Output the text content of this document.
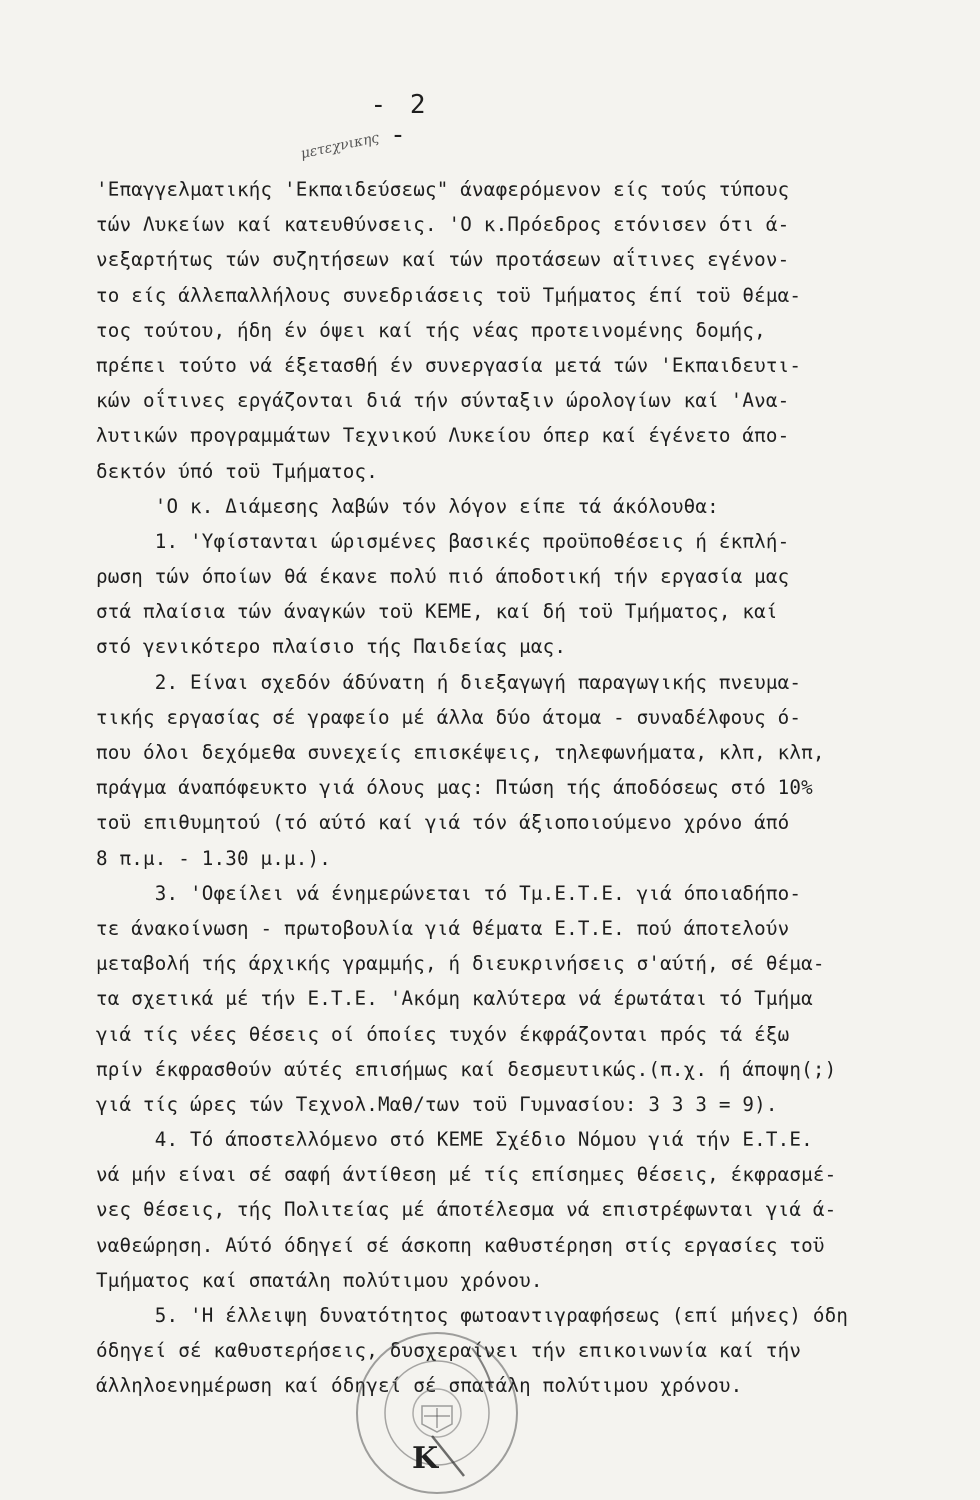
- 2 -
μετεχνικης
'Επαγγελματικής 'Εκπαιδεύσεως" άναφερόμενον είς τούς τύπους
τών Λυκείων καί κατευθύνσεις. 'Ο κ.Πρόεδρος ετόνισεν ότι ά-
νεξαρτήτως τών συζητήσεων καί τών προτάσεων αΐτινες εγένον-
το είς άλλεπαλλήλους συνεδριάσεις τοϋ Τμήματος έπί τοϋ θέμα-
τος τούτου, ήδη έν όψει καί τής νέας προτεινομένης δομής,
πρέπει τούτο νά έξετασθή έν συνεργασία μετά τών 'Εκπαιδευτι-
κών οΐτινες εργάζονται διά τήν σύνταξιν ώρολογίων καί 'Ανα-
λυτικών προγραμμάτων Τεχνικού Λυκείου όπερ καί έγένετο άπο-
δεκτόν ύπό τοϋ Τμήματος.
'Ο κ. Διάμεσης λαβών τόν λόγον είπε τά άκόλουθα:
1. 'Υφίστανται ώρισμένες βασικές προϋποθέσεις ή έκπλή-
ρωση τών όποίων θά έκανε πολύ πιό άποδοτική τήν εργασία μας
στά πλαίσια τών άναγκών τοϋ ΚΕΜΕ, καί δή τοϋ Τμήματος, καί
στό γενικότερο πλαίσιο τής Παιδείας μας.
2. Είναι σχεδόν άδύνατη ή διεξαγωγή παραγωγικής πνευμα-
τικής εργασίας σέ γραφείο μέ άλλα δύο άτομα - συναδέλφους ό-
που όλοι δεχόμεθα συνεχείς επισκέψεις, τηλεφωνήματα, κλπ, κλπ,
πράγμα άναπόφευκτο γιά όλους μας: Πτώση τής άποδόσεως στό 10%
τοϋ επιθυμητού (τό αύτό καί γιά τόν άξιοποιούμενο χρόνο άπό
8 π.μ. - 1.30 μ.μ.).
3. 'Οφείλει νά ένημερώνεται τό Τμ.Ε.Τ.Ε. γιά όποιαδήπο-
τε άνακοίνωση - πρωτοβουλία γιά θέματα Ε.Τ.Ε. πού άποτελούν
μεταβολή τής άρχικής γραμμής, ή διευκρινήσεις σ'αύτή, σέ θέμα-
τα σχετικά μέ τήν Ε.Τ.Ε. 'Ακόμη καλύτερα νά έρωτάται τό Τμήμα
γιά τίς νέες θέσεις οί όποίες τυχόν έκφράζονται πρός τά έξω
πρίν έκφρασθούν αύτές επισήμως καί δεσμευτικώς.(π.χ. ή άποψη(;)
γιά τίς ώρες τών Τεχνολ.Μαθ/των τοϋ Γυμνασίου: 3 3 3 = 9).
4. Τό άποστελλόμενο στό ΚΕΜΕ Σχέδιο Νόμου γιά τήν Ε.Τ.Ε.
νά μήν είναι σέ σαφή άντίθεση μέ τίς επίσημες θέσεις, έκφρασμέ-
νες θέσεις, τής Πολιτείας μέ άποτέλεσμα νά επιστρέφωνται γιά ά-
ναθεώρηση. Αύτό όδηγεί σέ άσκοπη καθυστέρηση στίς εργασίες τοϋ
Τμήματος καί σπατάλη πολύτιμου χρόνου.
5. 'Η έλλειψη δυνατότητος φωτοαντιγραφήσεως (επί μήνες) όδη
όδηγεί σέ καθυστερήσεις, δυσχεραίνει τήν επικοινωνία καί τήν
άλληλοενημέρωση καί όδηγεί σέ σπατάλη πολύτιμου χρόνου.
Κ
